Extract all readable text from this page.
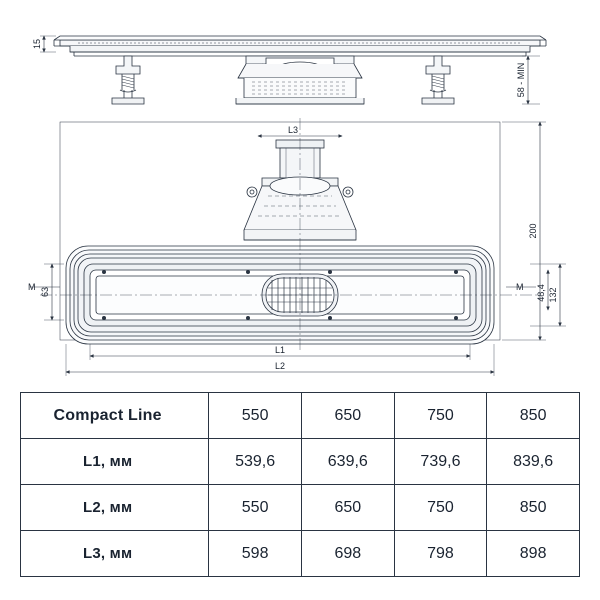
15
58 - MIN
L3
L1
L2
200
132
48,4
63
M	M
Compact Line	550	650	750	850
L1, мм	539,6	639,6	739,6	839,6
L2, мм	550	650	750	850
L3, мм	598	698	798	898
